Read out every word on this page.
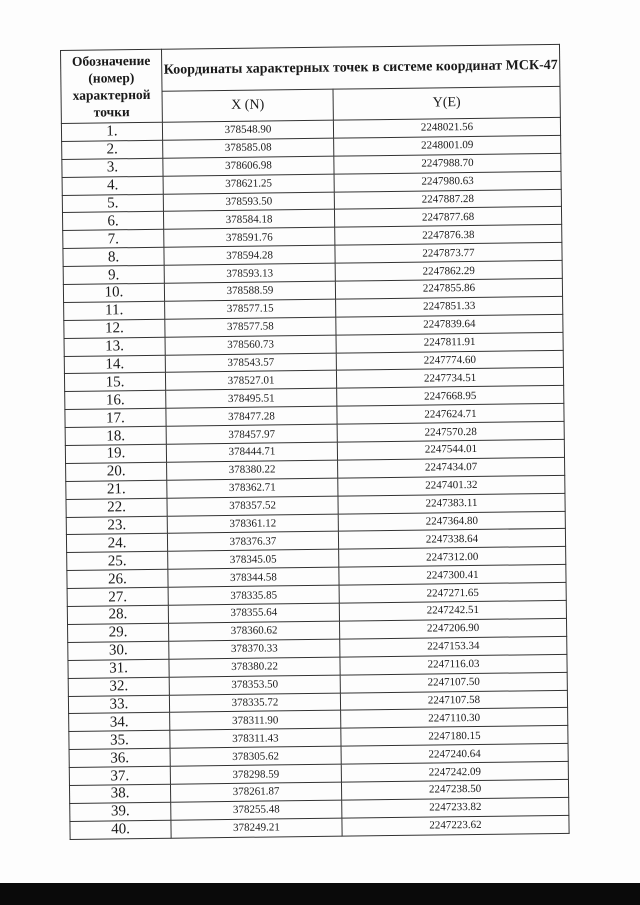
Обозначение (номер) характерной точки	Координаты характерных точек в системе координат МСК-47	
	X (N)	Y(E)
1.	378548.90	2248021.56
2.	378585.08	2248001.09
3.	378606.98	2247988.70
4.	378621.25	2247980.63
5.	378593.50	2247887.28
6.	378584.18	2247877.68
7.	378591.76	2247876.38
8.	378594.28	2247873.77
9.	378593.13	2247862.29
10.	378588.59	2247855.86
11.	378577.15	2247851.33
12.	378577.58	2247839.64
13.	378560.73	2247811.91
14.	378543.57	2247774.60
15.	378527.01	2247734.51
16.	378495.51	2247668.95
17.	378477.28	2247624.71
18.	378457.97	2247570.28
19.	378444.71	2247544.01
20.	378380.22	2247434.07
21.	378362.71	2247401.32
22.	378357.52	2247383.11
23.	378361.12	2247364.80
24.	378376.37	2247338.64
25.	378345.05	2247312.00
26.	378344.58	2247300.41
27.	378335.85	2247271.65
28.	378355.64	2247242.51
29.	378360.62	2247206.90
30.	378370.33	2247153.34
31.	378380.22	2247116.03
32.	378353.50	2247107.50
33.	378335.72	2247107.58
34.	378311.90	2247110.30
35.	378311.43	2247180.15
36.	378305.62	2247240.64
37.	378298.59	2247242.09
38.	378261.87	2247238.50
39.	378255.48	2247233.82
40.	378249.21	2247223.62
